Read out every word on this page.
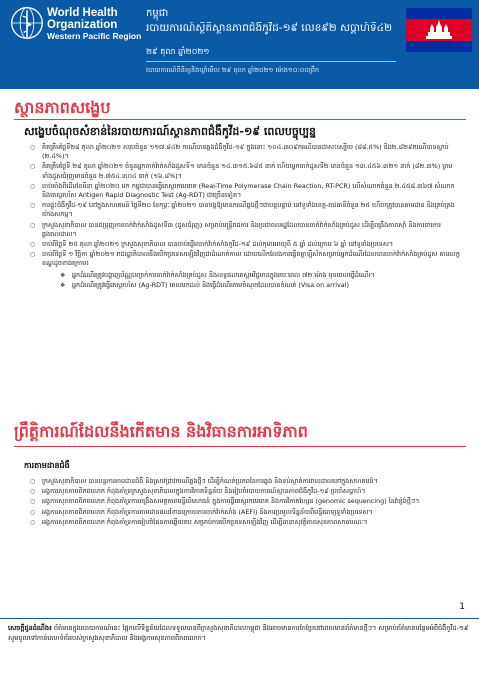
World Health
Organization
Western Pacific Region
កម្ពុជា
របាយការណ៍ស្ថិតិស្ថានភាពជំងឺកូវីដ-១៩ លេខ៩២ សប្តាហ៍ទី៤២
២៩ តុលា ឆ្នាំ២០២១
របាយការណ៍ពិនិត្យនិងឃ្លាំមើល ២៩ តុលា ឆ្នាំ២០២១ ម៉ោង១០:០០ព្រឹក
ស្ថានភាពសង្ខេប
សង្ខេបចំណុចសំខាន់នៃរបាយការណ៍ស្ថានភាពជំងឺកូវីដ-១៩ ពេលបច្ចុប្បន្ន
○ គិតត្រឹមថ្ងៃទី២៨ តុលា ឆ្នាំ២០២១ សរុបចំនួន ១១៧.៨៤២ ករណីបានឆ្លងជំងឺកូវីដ-១៩ ក្នុងនោះ ១០៤.៣០៩ករណីបានជាសះស្បើយ (៨៨.៥%) និង២.៨២៩ករណីបានស្លាប់ (២.៤%)។
○ គិតត្រឹមថ្ងៃទី ២៨ តុលា ឆ្នាំ២០២១ ចំនួនអ្នកចាក់វ៉ាក់សាំងដូសទី១ មានចំនួន ១៤.៣១៥.៦៨៥ នាក់ ហើយអ្នកចាក់ដូសទី២ មានចំនួន ១៣.៤៥៦.៣២១ នាក់ (៨២.៣%) ព្រមទាំងដូសជំរុញមានចំនួន ២.៧៥៤.៣០៤ នាក់ (១៦.៨%)។
○ ចាប់តាំងពីដើមខែមីនា ឆ្នាំ២០២០ មក កម្ពុជាបានធ្វើតេស្តរកមេរោគ (Real-Time Polymerase Chain Reaction, RT-PCR) លើសំណាកចំនួន ២.៤៥៨.៣៦៧ សំណាក និងតេស្តរហ័ស Antigen Rapid Diagnostic Test (Ag-RDT) ជាច្រើនទៀត។
○ ការផ្ទុះជំងឺកូវីដ-១៩ នៅក្នុងសហគមន៍ ថ្ងៃទី២០ ខែកុម្ភៈ ឆ្នាំ២០២១ បានបង្កឱ្យមានករណីឆ្លងថ្មីៗជាបន្តបន្ទាប់ នៅទូទាំងខេត្ត-រាជធានីចំនួន ២៥ ហើយត្រូវបានតាមដាន និងគ្រប់គ្រងយ៉ាងសកម្ម។
○ ក្រសួងសុខាភិបាល បានជម្រុញការចាក់វ៉ាក់សាំងដូសទី៣ (ដូសជំរុញ) សម្រាប់មន្ត្រីរាជការ និងប្រជាពលរដ្ឋដែលបានចាក់វ៉ាក់សាំងគ្រប់ដូស ដើម្បីពង្រឹងភាពស៊ាំ និងការពារការឆ្លងរាលដាល។
○ ចាប់ពីថ្ងៃទី ២៥ តុលា ឆ្នាំ២០២១ ក្រសួងសុខាភិបាល បានចាប់ផ្តើមចាក់វ៉ាក់សាំងកូវីដ-១៩ ដល់កុមារអាយុពី ៥ ឆ្នាំ ដល់ក្រោម ៦ ឆ្នាំ នៅទូទាំងប្រទេស។
○ ចាប់ពីថ្ងៃទី ១ វិច្ឆិកា ឆ្នាំ២០២១ រាជរដ្ឋាភិបាលនឹងបើកប្រទេសឡើងវិញជាដំណាក់កាល ដោយលើកលែងការធ្វើចត្តាឡីស័កសម្រាប់អ្នកដំណើរដែលបានចាក់វ៉ាក់សាំងគ្រប់ដូស តាមលក្ខខណ្ឌដូចខាងក្រោម៖
❖ អ្នកដំណើរត្រូវបង្ហាញប័ណ្ណបញ្ជាក់ការចាក់វ៉ាក់សាំងគ្រប់ដូស និងលទ្ធផលតេស្តអវិជ្ជមានក្នុងរយៈពេល ៧២ ម៉ោង មុនពេលធ្វើដំណើរ។
❖ អ្នកដំណើរត្រូវធ្វើតេស្តរហ័ស (Ag-RDT) ពេលមកដល់ និងធ្វើដំណើរតាមចំណុចដែលបានកំណត់ (Visa on arrival)
ព្រឹត្តិការណ៍ដែលនឹងកើតមាន និងវិធានការអាទិភាព
ការតាមដានជំងឺ
○ ក្រសួងសុខាភិបាល បានបន្តការតាមដានជំងឺ និងស្រាវជ្រាវករណីឆ្លងថ្មីៗ ដើម្បីកំណត់ប្រភពនៃការឆ្លង និងទប់ស្កាត់ការរាលដាលនៅក្នុងសហគមន៍។
○ អង្គការសុខភាពពិភពលោក កំពុងគាំទ្រក្រសួងសុខាភិបាលក្នុងការវិភាគទិន្នន័យ និងរៀបចំរបាយការណ៍ស្ថានភាពជំងឺកូវីដ-១៩ ប្រចាំសប្តាហ៍។
○ អង្គការសុខភាពពិភពលោក កំពុងគាំទ្រការពង្រឹងសមត្ថភាពមន្ទីរពិសោធន៍ ក្នុងការធ្វើតេស្តរកមេរោគ និងការវិភាគហ្សែន (genomic sequencing) នៃវ៉ារ្យ៉ង់ថ្មីៗ។
○ អង្គការសុខភាពពិភពលោក កំពុងគាំទ្រការតាមដានផលរំខានក្រោយការចាក់វ៉ាក់សាំង (AEFI) និងការប្រមូលទិន្នន័យពីមន្ទីរពេទ្យទូទាំងប្រទេស។
○ អង្គការសុខភាពពិភពលោក កំពុងគាំទ្រការរៀបចំផែនការឆ្លើយតប សម្រាប់ការបើកប្រទេសឡើងវិញ ដើម្បីធានាសុវត្ថិភាពសុខភាពសាធារណៈ។
1
សេចក្តីជូនដំណឹង៖ ព័ត៌មានក្នុងរបាយការណ៍នេះ ផ្អែកលើទិន្នន័យដែលទទួលបានពីក្រសួងសុខាភិបាលកម្ពុជា និងអាចមានការកែប្រែនៅពេលមានព័ត៌មានថ្មីៗ។ សម្រាប់ព័ត៌មានបន្ថែមអំពីជំងឺកូវីដ-១៩ សូមចូលទៅកាន់គេហទំព័ររបស់ក្រសួងសុខាភិបាល និងអង្គការសុខភាពពិភពលោក។
